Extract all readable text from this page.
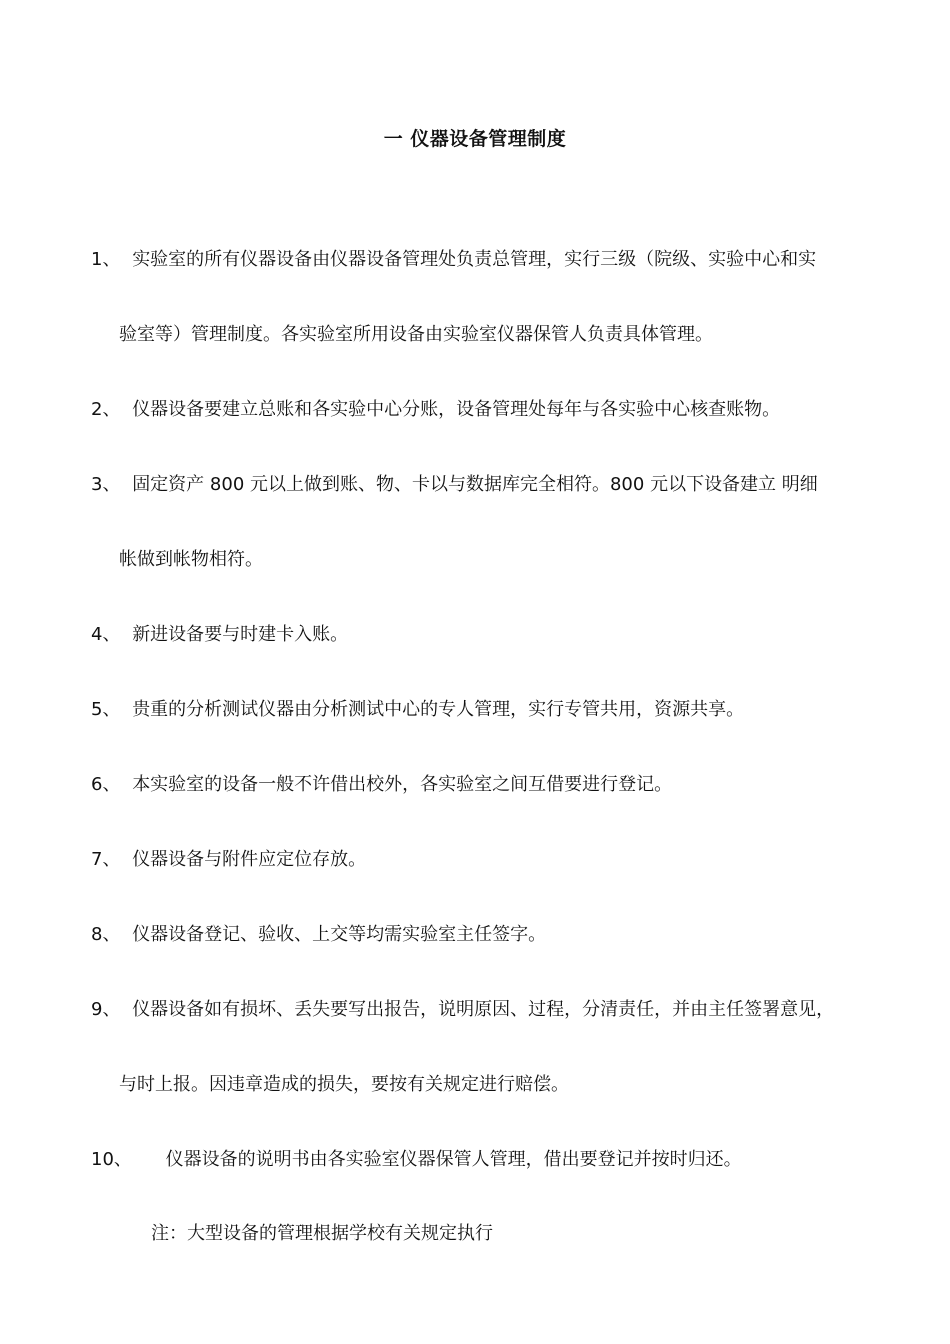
一 仪器设备管理制度
1、 实验室的所有仪器设备由仪器设备管理处负责总管理，实行三级（院级、实验中心和实
验室等）管理制度。各实验室所用设备由实验室仪器保管人负责具体管理。
2、 仪器设备要建立总账和各实验中心分账，设备管理处每年与各实验中心核查账物。
3、 固定资产 800 元以上做到账、物、卡以与数据库完全相符。800 元以下设备建立 明细
帐做到帐物相符。
4、 新进设备要与时建卡入账。
5、 贵重的分析测试仪器由分析测试中心的专人管理，实行专管共用，资源共享。
6、 本实验室的设备一般不许借出校外，各实验室之间互借要进行登记。
7、 仪器设备与附件应定位存放。
8、 仪器设备登记、验收、上交等均需实验室主任签字。
9、 仪器设备如有损坏、丢失要写出报告，说明原因、过程，分清责任，并由主任签署意见，
与时上报。因违章造成的损失，要按有关规定进行赔偿。
10、 仪器设备的说明书由各实验室仪器保管人管理，借出要登记并按时归还。
注：大型设备的管理根据学校有关规定执行
